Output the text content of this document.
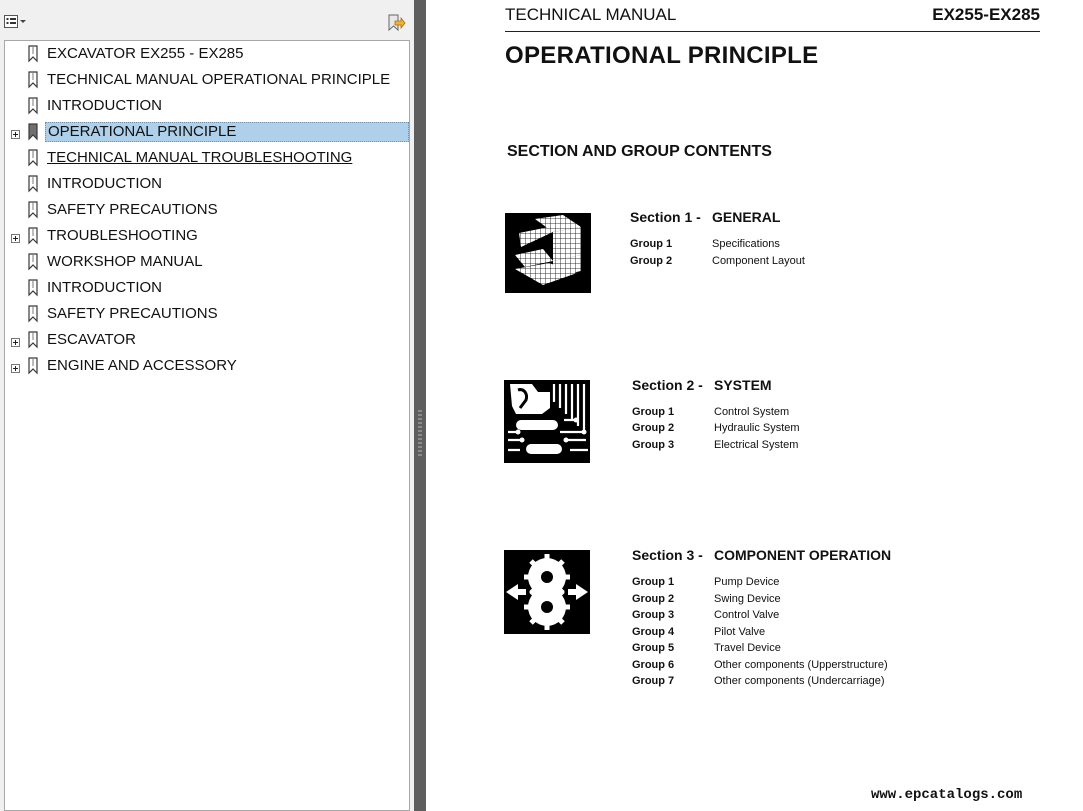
EXCAVATOR EX255 - EX285
TECHNICAL MANUAL OPERATIONAL PRINCIPLE
INTRODUCTION
OPERATIONAL PRINCIPLE
TECHNICAL MANUAL TROUBLESHOOTING
INTRODUCTION
SAFETY PRECAUTIONS
TROUBLESHOOTING
WORKSHOP MANUAL
INTRODUCTION
SAFETY PRECAUTIONS
ESCAVATOR
ENGINE AND ACCESSORY
TECHNICAL MANUAL	EX255-EX285
OPERATIONAL PRINCIPLE
SECTION AND GROUP CONTENTS
Section 1 - GENERAL
Group 1	Specifications
Group 2	Component Layout
Section 2 - SYSTEM
Group 1	Control System
Group 2	Hydraulic System
Group 3	Electrical System
Section 3 - COMPONENT OPERATION
Group 1	Pump Device
Group 2	Swing Device
Group 3	Control Valve
Group 4	Pilot Valve
Group 5	Travel Device
Group 6	Other components (Upperstructure)
Group 7	Other components (Undercarriage)
www.epcatalogs.com
